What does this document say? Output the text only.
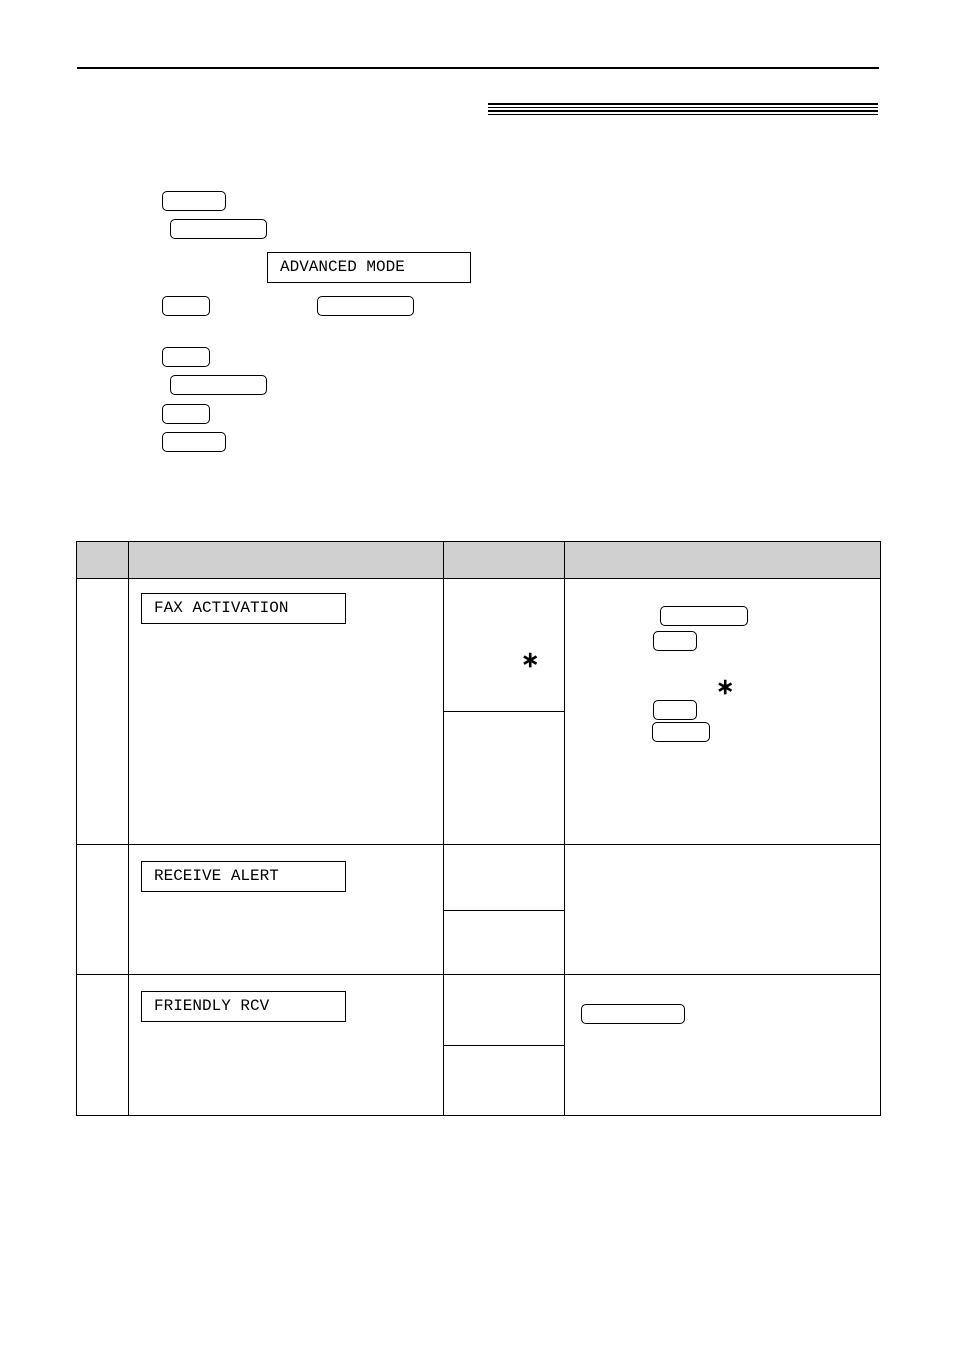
ADVANCED MODE

	FAX ACTIVATION	∗	∗

	RECEIVE ALERT		

	FRIENDLY RCV		
